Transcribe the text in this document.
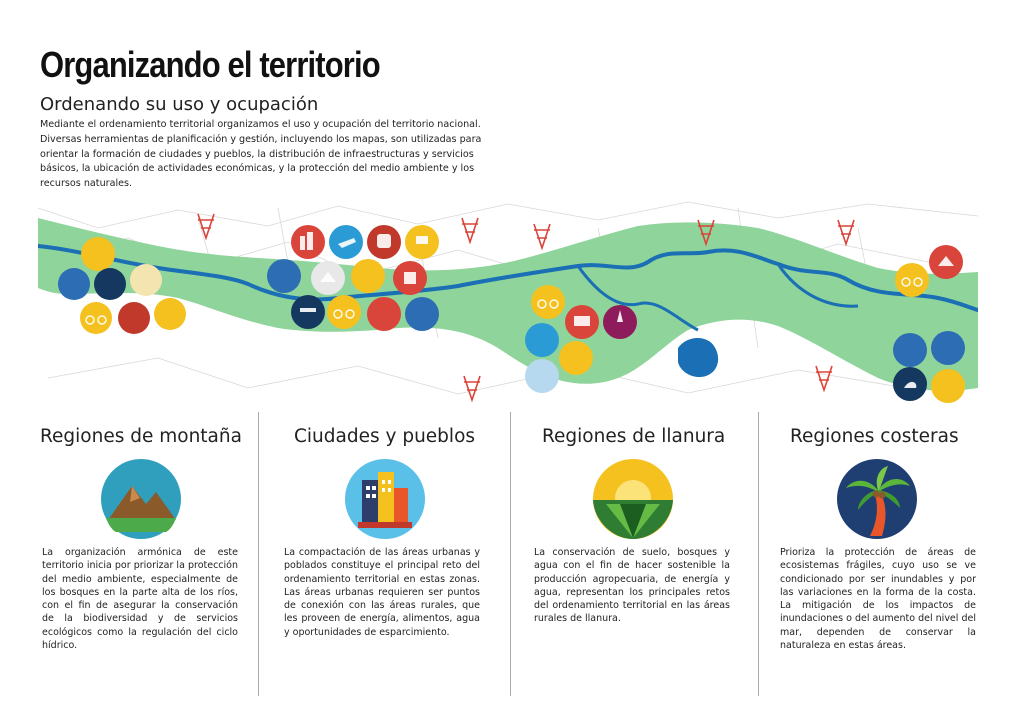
Organizando el territorio
Ordenando su uso y ocupación
Mediante el ordenamiento territorial organizamos el uso y ocupación del territorio nacional. Diversas herramientas de planificación y gestión, incluyendo los mapas, son utilizadas para orientar la formación de ciudades y pueblos, la distribución de infraestructuras y servicios básicos, la ubicación de actividades económicas, y la protección del medio ambiente y los recursos naturales.
Regiones de montaña
La organización armónica de este territorio inicia por priorizar la protección del medio ambiente, especialmente de los bosques en la parte alta de los ríos, con el fin de asegurar la conservación de la biodiversidad y de servicios ecológicos como la regulación del ciclo hídrico.
Ciudades y pueblos
La compactación de las áreas urbanas y poblados constituye el principal reto del ordenamiento territorial en estas zonas. Las áreas urbanas requieren ser puntos de conexión con las áreas rurales, que les proveen de energía, alimentos, agua y oportunidades de esparcimiento.
Regiones de llanura
La conservación de suelo, bosques y agua con el fin de hacer sostenible la producción agropecuaria, de energía y agua, representan los principales retos del ordenamiento territorial en las áreas rurales de llanura.
Regiones costeras
Prioriza la protección de áreas de ecosistemas frágiles, cuyo uso se ve condicionado por ser inundables y por las variaciones en la forma de la costa. La mitigación de los impactos de inundaciones o del aumento del nivel del mar, dependen de conservar la naturaleza en estas áreas.
